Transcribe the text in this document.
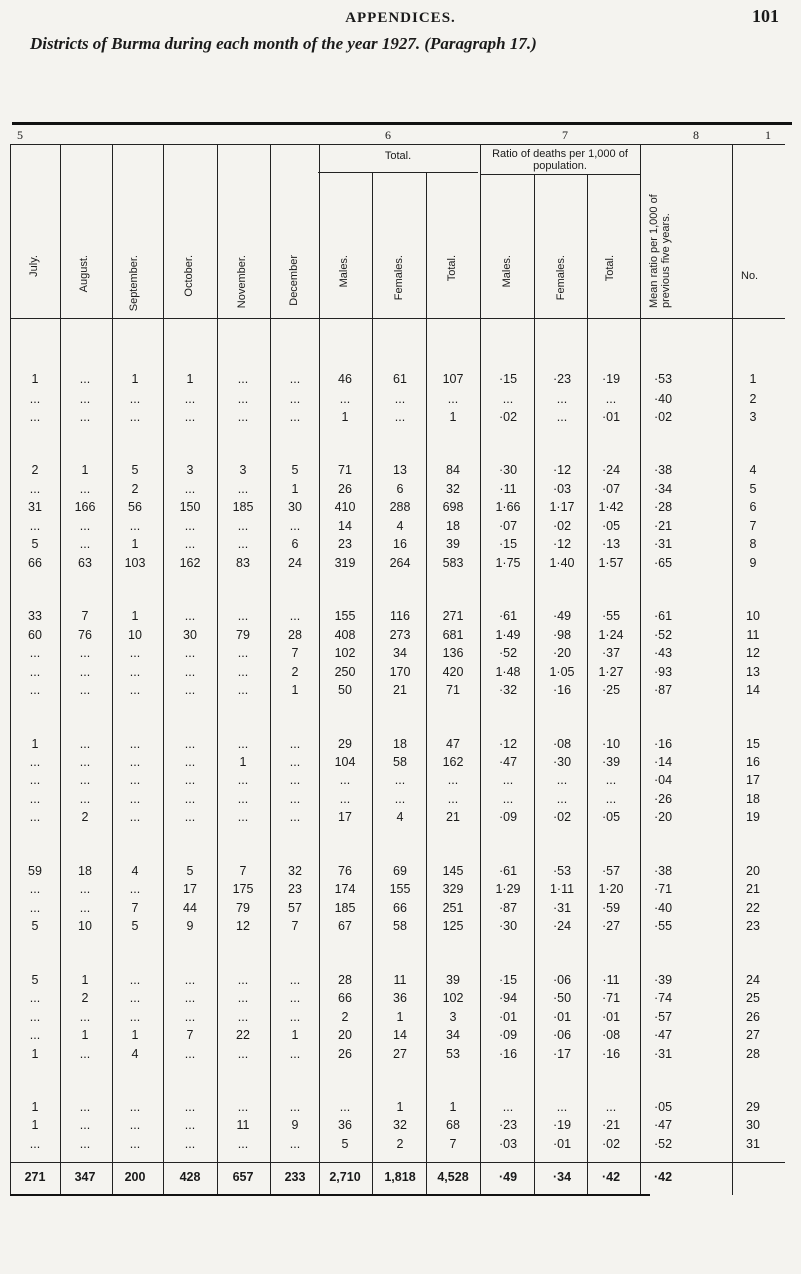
APPENDICES.	101
Districts of Burma during each month of the year 1927. (Paragraph 17.)
5	6	7	8	1
Total.	Ratio of deaths per 1,000 of population.
July.	August.	September.	October.	November.	December	Males.	Females.	Total.	Males.	Females.	Total.	Mean ratio per 1,000 of previous five years.	No.
1	...	1	1	...	...	46	61	107	·15	·23	·19	·53	1
...	...	...	...	...	...	...	...	...	...	...	...	·40	2
...	...	...	...	...	...	1	...	1	·02	...	·01	·02	3
2	1	5	3	3	5	71	13	84	·30	·12	·24	·38	4
...	...	2	...	...	1	26	6	32	·11	·03	·07	·34	5
31	166	56	150	185	30	410	288	698	1·66	1·17	1·42	·28	6
...	...	...	...	...	...	14	4	18	·07	·02	·05	·21	7
5	...	1	...	...	6	23	16	39	·15	·12	·13	·31	8
66	63	103	162	83	24	319	264	583	1·75	1·40	1·57	·65	9
33	7	1	...	...	...	155	116	271	·61	·49	·55	·61	10
60	76	10	30	79	28	408	273	681	1·49	·98	1·24	·52	11
...	...	...	...	...	7	102	34	136	·52	·20	·37	·43	12
...	...	...	...	...	2	250	170	420	1·48	1·05	1·27	·93	13
...	...	...	...	...	1	50	21	71	·32	·16	·25	·87	14
1	...	...	...	...	...	29	18	47	·12	·08	·10	·16	15
...	...	...	...	1	...	104	58	162	·47	·30	·39	·14	16
...	...	...	...	...	...	...	...	...	...	...	...	·04	17
...	...	...	...	...	...	...	...	...	...	...	...	·26	18
...	2	...	...	...	...	17	4	21	·09	·02	·05	·20	19
59	18	4	5	7	32	76	69	145	·61	·53	·57	·38	20
...	...	...	17	175	23	174	155	329	1·29	1·11	1·20	·71	21
...	...	7	44	79	57	185	66	251	·87	·31	·59	·40	22
5	10	5	9	12	7	67	58	125	·30	·24	·27	·55	23
5	1	...	...	...	...	28	11	39	·15	·06	·11	·39	24
...	2	...	...	...	...	66	36	102	·94	·50	·71	·74	25
...	...	...	...	...	...	2	1	3	·01	·01	·01	·57	26
...	1	1	7	22	1	20	14	34	·09	·06	·08	·47	27
1	...	4	...	...	...	26	27	53	·16	·17	·16	·31	28
1	...	...	...	...	...	...	1	1	...	...	...	·05	29
1	...	...	...	11	9	36	32	68	·23	·19	·21	·47	30
...	...	...	...	...	...	5	2	7	·03	·01	·02	·52	31
271	347	200	428	657	233	2,710	1,818	4,528	·49	·34	·42	·42
